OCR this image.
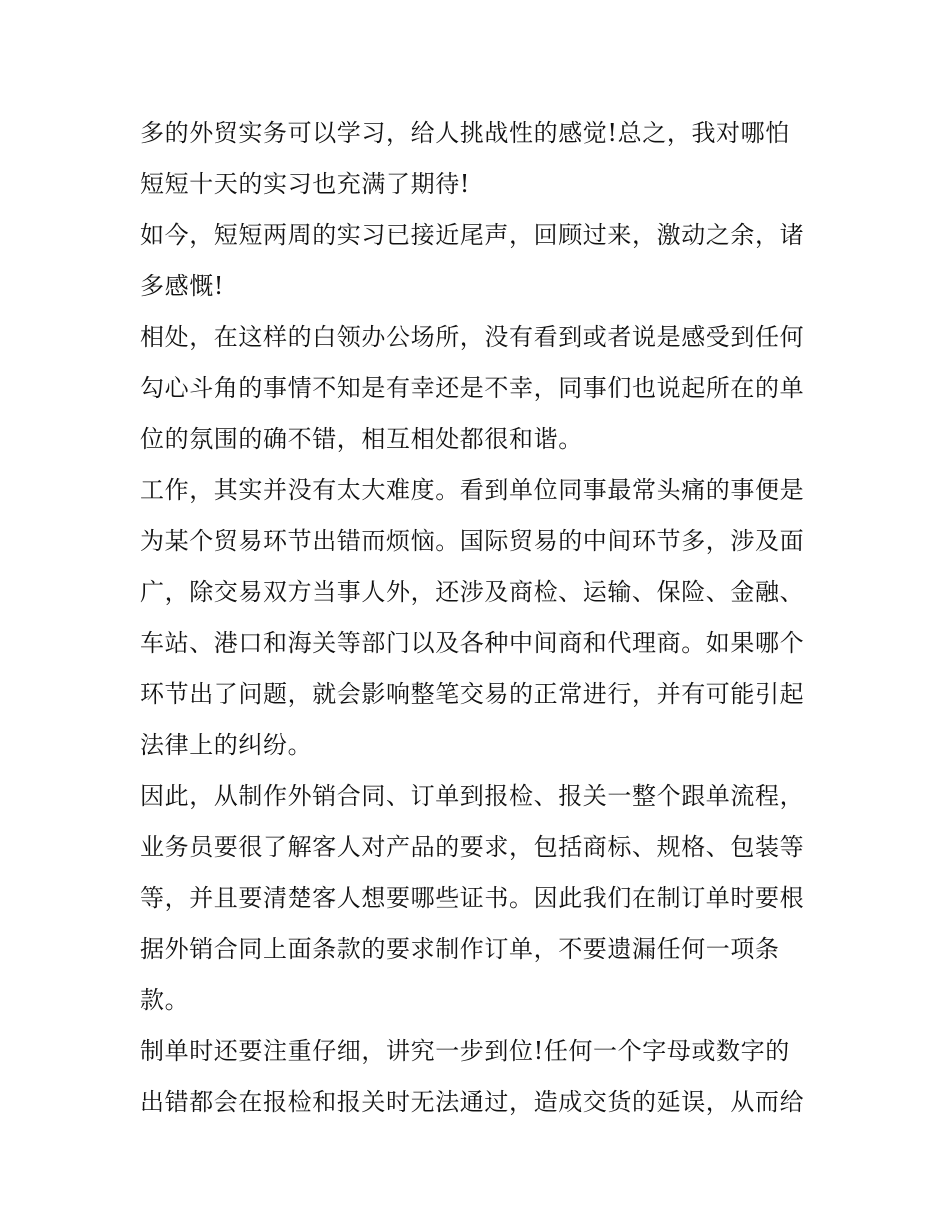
多的外贸实务可以学习，给人挑战性的感觉!总之，我对哪怕
短短十天的实习也充满了期待!
如今，短短两周的实习已接近尾声，回顾过来，激动之余，诸
多感慨!
相处，在这样的白领办公场所，没有看到或者说是感受到任何
勾心斗角的事情不知是有幸还是不幸，同事们也说起所在的单
位的氛围的确不错，相互相处都很和谐。
工作，其实并没有太大难度。看到单位同事最常头痛的事便是
为某个贸易环节出错而烦恼。国际贸易的中间环节多，涉及面
广，除交易双方当事人外，还涉及商检、运输、保险、金融、
车站、港口和海关等部门以及各种中间商和代理商。如果哪个
环节出了问题，就会影响整笔交易的正常进行，并有可能引起
法律上的纠纷。
因此，从制作外销合同、订单到报检、报关一整个跟单流程，
业务员要很了解客人对产品的要求，包括商标、规格、包装等
等，并且要清楚客人想要哪些证书。因此我们在制订单时要根
据外销合同上面条款的要求制作订单，不要遗漏任何一项条
款。
制单时还要注重仔细，讲究一步到位!任何一个字母或数字的
出错都会在报检和报关时无法通过，造成交货的延误，从而给
